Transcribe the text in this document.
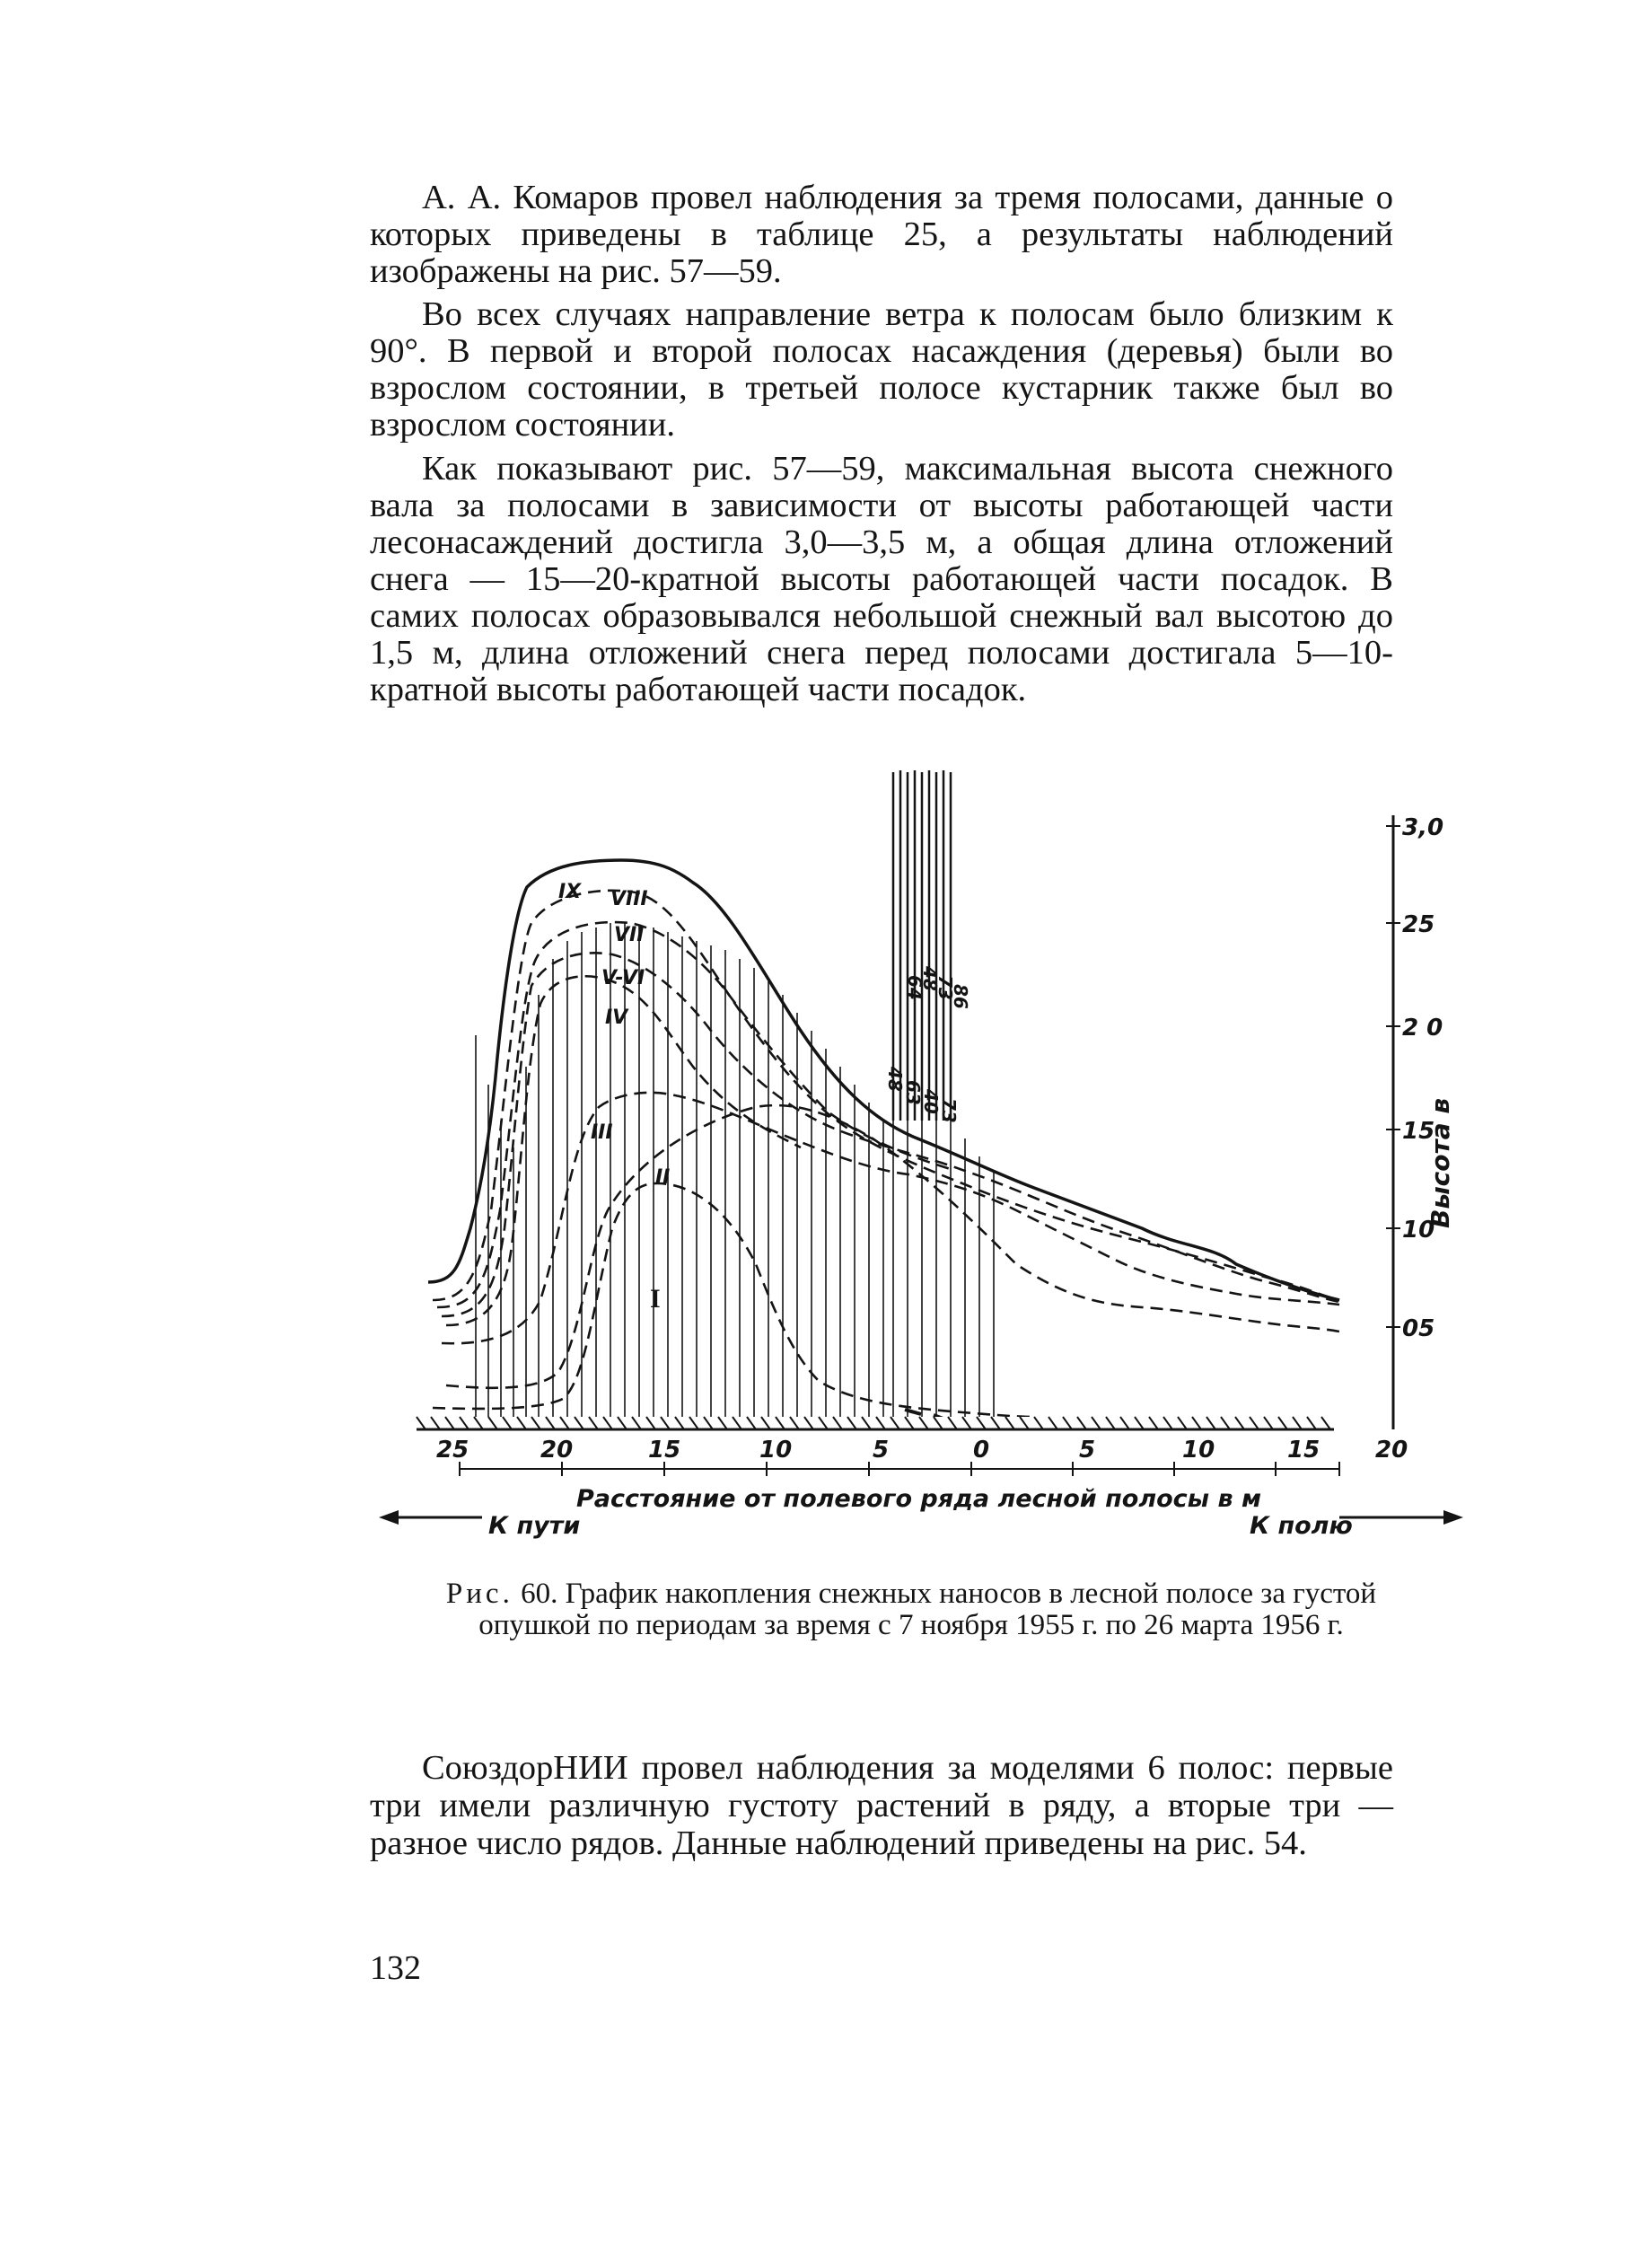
А. А. Комаров провел наблюдения за тремя полосами, данные о которых приведены в таблице 25, а результаты наблюдений изображены на рис. 57—59.

Во всех случаях направление ветра к полосам было близким к 90°. В первой и второй полосах насаждения (деревья) были во взрослом состоянии, в третьей полосе кустарник также был во взрослом состоянии.

Как показывают рис. 57—59, максимальная высота снежного вала за полосами в зависимости от высоты работающей части лесонасаждений достигла 3,0—3,5 м, а общая длина отложений снега — 15—20-кратной высоты работающей части посадок. В самих полосах образовывался небольшой снежный вал высотою до 1,5 м, длина отложений снега перед полосами достигала 5—10-кратной высоты работающей части посадок.

25	20	15	10	5	0	5	10	15 20
Расстояние от полевого ряда лесной полосы в м
К пути	К полю
3,0
25
2 0
15
10
05
Высота в
IX VIII
VII
V-VI
IV
III
II
I
64
48
73
86
48
63
40
73

Рис. 60. График накопления снежных наносов в лесной полосе за густой опушкой по периодам за время с 7 ноября 1955 г. по 26 марта 1956 г.

СоюздорНИИ провел наблюдения за моделями 6 полос: первые три имели различную густоту растений в ряду, а вторые три — разное число рядов. Данные наблюдений приведены на рис. 54.

132
